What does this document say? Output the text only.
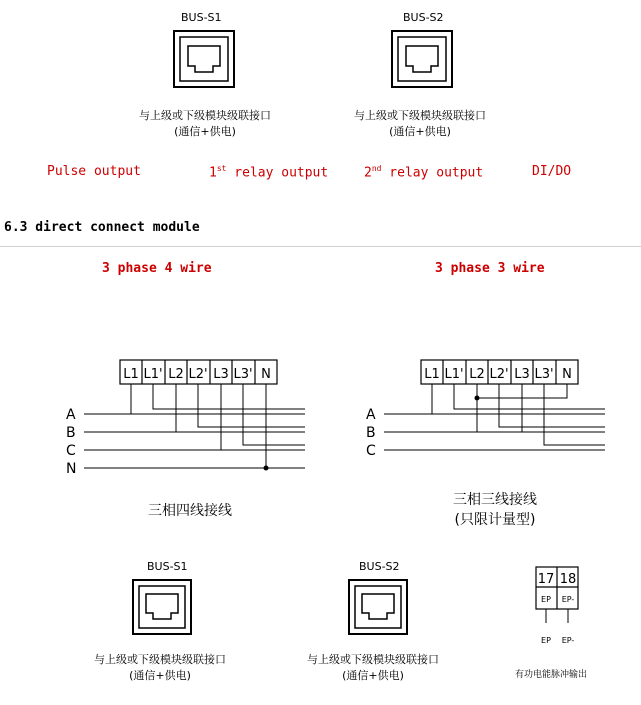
BUS-S1
与上级或下级模块级联接口
(通信+供电)
BUS-S2
与上级或下级模块级联接口
(通信+供电)
Pulse output	1st relay output	2nd relay output	DI/DO
6.3 direct connect module
3 phase 4 wire	3 phase 3 wire
L1 L1' L2 L2' L3 L3' N
A
B
C
N
三相四线接线
L1 L1' L2 L2' L3 L3' N
A
B
C
三相三线接线
(只限计量型)
BUS-S1
与上级或下级模块级联接口
(通信+供电)
BUS-S2
与上级或下级模块级联接口
(通信+供电)
17 18
EP EP-
EP EP-
有功电能脉冲输出
